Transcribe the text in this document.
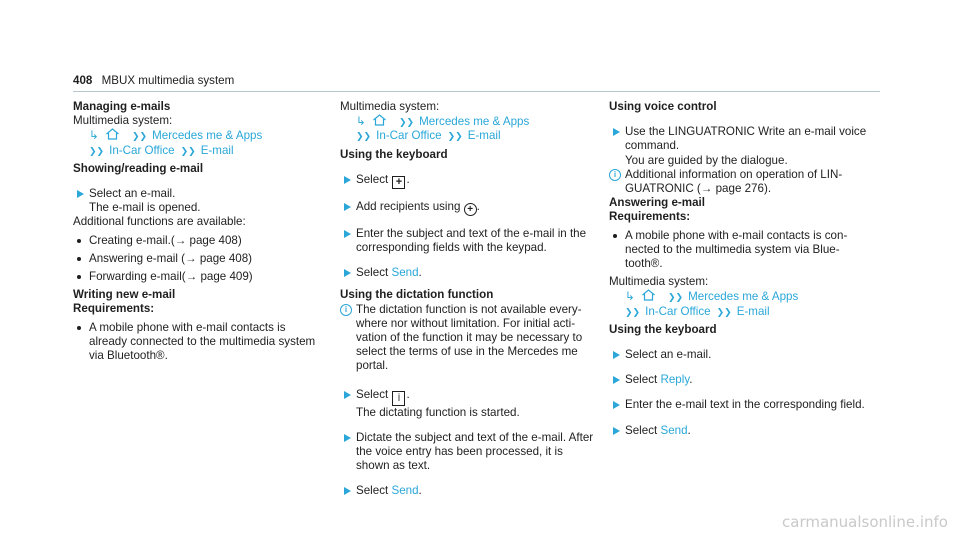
408 MBUX multimedia system
Managing e-mails
Multimedia system:
↳	❯❯ Mercedes me & Apps
❯❯ In-Car Office ❯❯ E-mail
Showing/reading e-mail
Select an e-mail.
The e-mail is opened.
Additional functions are available:
Creating e-mail.(→ page 408)
Answering e-mail (→ page 408)
Forwarding e-mail(→ page 409)
Writing new e-mail
Requirements:
A mobile phone with e-mail contacts is
already connected to the multimedia system
via Bluetooth®.
Multimedia system:
↳	❯❯ Mercedes me & Apps
❯❯ In-Car Office ❯❯ E-mail
Using the keyboard
Select + .
Add recipients using + .
Enter the subject and text of the e-mail in the corresponding fields with the keypad.
Select Send.
Using the dictation function
i The dictation function is not available every-where nor without limitation. For initial acti-vation of the function it may be necessary to select the terms of use in the Mercedes me portal.
Select İ .
The dictating function is started.
Dictate the subject and text of the e-mail. After the voice entry has been processed, it is shown as text.
Select Send.
Using voice control
Use the LINGUATRONIC Write an e-mail voice command.
You are guided by the dialogue.
i Additional information on operation of LIN-GUATRONIC (→ page 276).
Answering e-mail
Requirements:
A mobile phone with e-mail contacts is con-nected to the multimedia system via Blue-tooth®.
Multimedia system:
↳	❯❯ Mercedes me & Apps
❯❯ In-Car Office ❯❯ E-mail
Using the keyboard
Select an e-mail.
Select Reply.
Enter the e-mail text in the corresponding field.
Select Send.
carmanualsonline.info
